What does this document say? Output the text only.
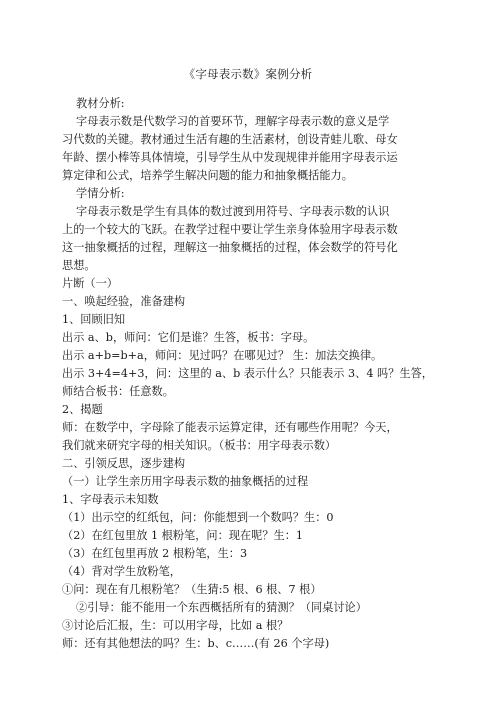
《字母表示数》案例分析
教材分析:
字母表示数是代数学习的首要环节，理解字母表示数的意义是学
习代数的关键。教材通过生活有趣的生活素材，创设青蛙儿歌、母女
年龄、摆小棒等具体情境，引导学生从中发现规律并能用字母表示运
算定律和公式，培养学生解决问题的能力和抽象概括能力。
学情分析:
字母表示数是学生有具体的数过渡到用符号、字母表示数的认识
上的一个较大的飞跃。在教学过程中要让学生亲身体验用字母表示数
这一抽象概括的过程，理解这一抽象概括的过程，体会数学的符号化
思想。
片断（一）
一、唤起经验，准备建构
1、回顾旧知
出示 a、b，师问：它们是谁？生答，板书：字母。
出示 a+b=b+a，师问：见过吗？在哪见过？ 生：加法交换律。
出示 3+4=4+3，问：这里的 a、b 表示什么？只能表示 3、4 吗？生答，
师结合板书：任意数。
2、揭题
师：在数学中，字母除了能表示运算定律，还有哪些作用呢？今天，
我们就来研究字母的相关知识。（板书：用字母表示数）
二、引领反思，逐步建构
（一）让学生亲历用字母表示数的抽象概括的过程
1、字母表示未知数
（1）出示空的红纸包，问：你能想到一个数吗？生：0
（2）在红包里放 1 根粉笔，问：现在呢？生：1
（3）在红包里再放 2 根粉笔，生：3
（4）背对学生放粉笔，
①问：现在有几根粉笔？（生猜:5 根、6 根、7 根）
②引导：能不能用一个东西概括所有的猜测？（同桌讨论）
③讨论后汇报，生：可以用字母，比如 a 根？
师：还有其他想法的吗？生：b、c……(有 26 个字母)
